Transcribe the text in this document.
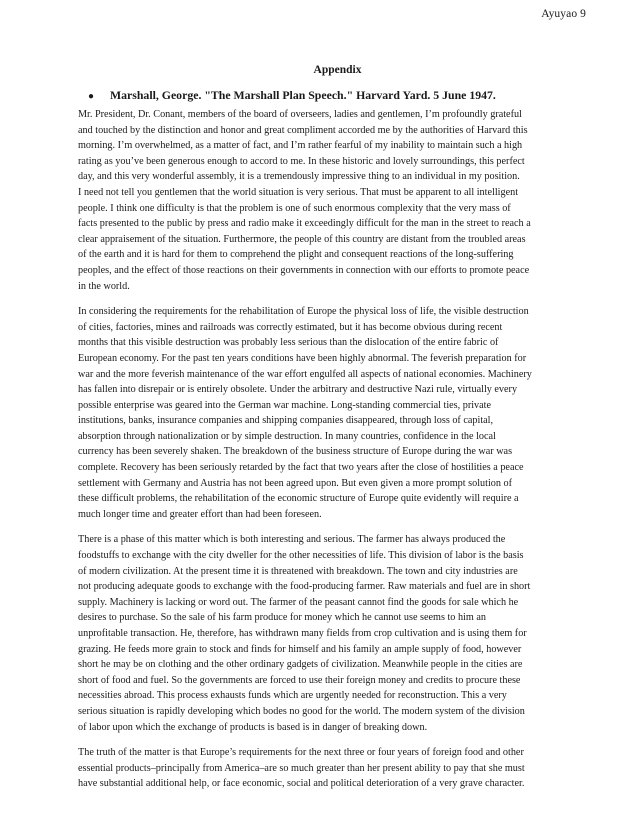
Ayuyao 9
Appendix
● Marshall, George. "The Marshall Plan Speech." Harvard Yard. 5 June 1947.

Mr. President, Dr. Conant, members of the board of overseers, ladies and gentlemen, I’m profoundly grateful
and touched by the distinction and honor and great compliment accorded me by the authorities of Harvard this
morning. I’m overwhelmed, as a matter of fact, and I’m rather fearful of my inability to maintain such a high
rating as you’ve been generous enough to accord to me. In these historic and lovely surroundings, this perfect
day, and this very wonderful assembly, it is a tremendously impressive thing to an individual in my position.
I need not tell you gentlemen that the world situation is very serious. That must be apparent to all intelligent
people. I think one difficulty is that the problem is one of such enormous complexity that the very mass of
facts presented to the public by press and radio make it exceedingly difficult for the man in the street to reach a
clear appraisement of the situation. Furthermore, the people of this country are distant from the troubled areas
of the earth and it is hard for them to comprehend the plight and consequent reactions of the long-suffering
peoples, and the effect of those reactions on their governments in connection with our efforts to promote peace
in the world.

In considering the requirements for the rehabilitation of Europe the physical loss of life, the visible destruction
of cities, factories, mines and railroads was correctly estimated, but it has become obvious during recent
months that this visible destruction was probably less serious than the dislocation of the entire fabric of
European economy. For the past ten years conditions have been highly abnormal. The feverish preparation for
war and the more feverish maintenance of the war effort engulfed all aspects of national economies. Machinery
has fallen into disrepair or is entirely obsolete. Under the arbitrary and destructive Nazi rule, virtually every
possible enterprise was geared into the German war machine. Long-standing commercial ties, private
institutions, banks, insurance companies and shipping companies disappeared, through loss of capital,
absorption through nationalization or by simple destruction. In many countries, confidence in the local
currency has been severely shaken. The breakdown of the business structure of Europe during the war was
complete. Recovery has been seriously retarded by the fact that two years after the close of hostilities a peace
settlement with Germany and Austria has not been agreed upon. But even given a more prompt solution of
these difficult problems, the rehabilitation of the economic structure of Europe quite evidently will require a
much longer time and greater effort than had been foreseen.

There is a phase of this matter which is both interesting and serious. The farmer has always produced the
foodstuffs to exchange with the city dweller for the other necessities of life. This division of labor is the basis
of modern civilization. At the present time it is threatened with breakdown. The town and city industries are
not producing adequate goods to exchange with the food-producing farmer. Raw materials and fuel are in short
supply. Machinery is lacking or word out. The farmer of the peasant cannot find the goods for sale which he
desires to purchase. So the sale of his farm produce for money which he cannot use seems to him an
unprofitable transaction. He, therefore, has withdrawn many fields from crop cultivation and is using them for
grazing. He feeds more grain to stock and finds for himself and his family an ample supply of food, however
short he may be on clothing and the other ordinary gadgets of civilization. Meanwhile people in the cities are
short of food and fuel. So the governments are forced to use their foreign money and credits to procure these
necessities abroad. This process exhausts funds which are urgently needed for reconstruction. This a very
serious situation is rapidly developing which bodes no good for the world. The modern system of the division
of labor upon which the exchange of products is based is in danger of breaking down.

The truth of the matter is that Europe’s requirements for the next three or four years of foreign food and other
essential products–principally from America–are so much greater than her present ability to pay that she must
have substantial additional help, or face economic, social and political deterioration of a very grave character.
